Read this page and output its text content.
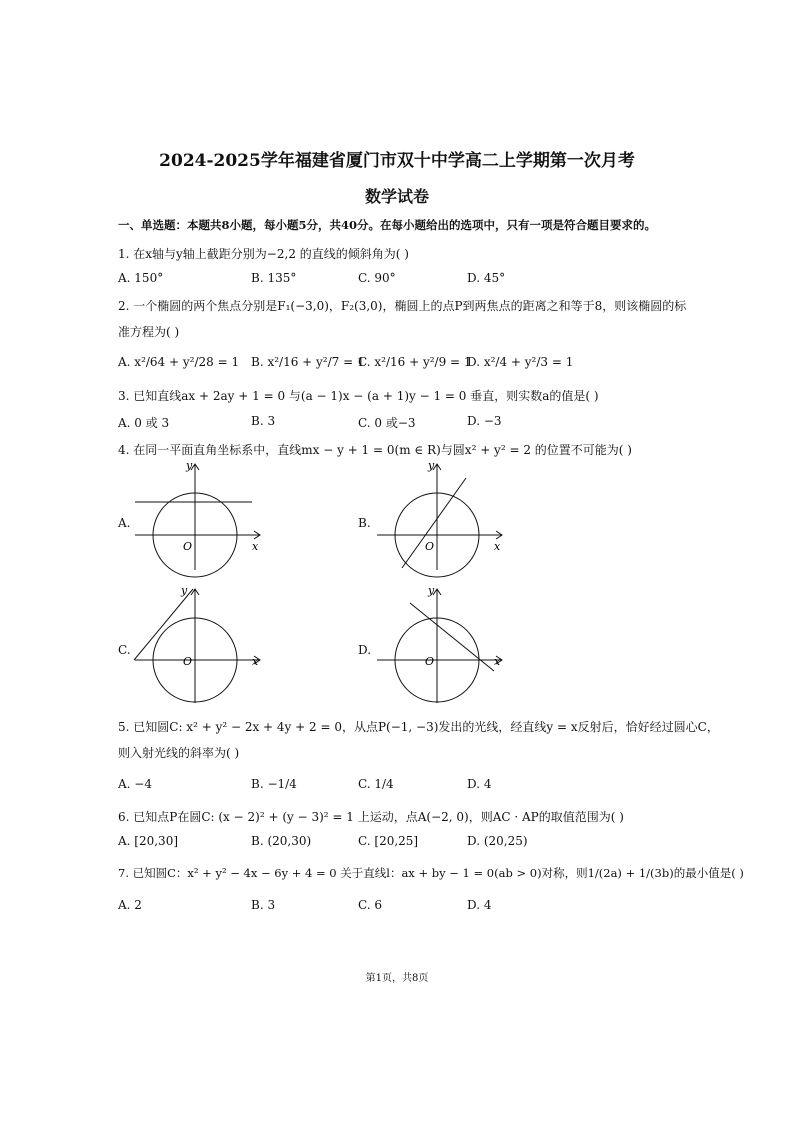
2024-2025学年福建省厦门市双十中学高二上学期第一次月考
数学试卷
一、单选题：本题共8小题，每小题5分，共40分。在每小题给出的选项中，只有一项是符合题目要求的。
1. 在x轴与y轴上截距分别为−2,2 的直线的倾斜角为( )
A. 150°	B. 135°	C. 90°	D. 45°
2. 一个椭圆的两个焦点分别是F₁(−3,0)，F₂(3,0)，椭圆上的点P到两焦点的距离之和等于8，则该椭圆的标
准方程为( )
A. x²/64 + y²/28 = 1 B. x²/16 + y²/7 = 1
C. x²/16 + y²/9 = 1
D. x²/4 + y²/3 = 1
3. 已知直线ax + 2ay + 1 = 0 与(a − 1)x − (a + 1)y − 1 = 0 垂直，则实数a的值是( )
A. 0 或 3	B. 3	C. 0 或−3	D. −3
4. 在同一平面直角坐标系中，直线mx − y + 1 = 0(m ∈ R)与圆x² + y² = 2 的位置不可能为( )
A.	B.
C.	D.
y
x
O
y
x
O
y
x
O
y
x
O
5. 已知圆C: x² + y² − 2x + 4y + 2 = 0，从点P(−1, −3)发出的光线，经直线y = x反射后，恰好经过圆心C，
则入射光线的斜率为( )
A. −4	B. −1/4	C. 1/4	D. 4
6. 已知点P在圆C: (x − 2)² + (y − 3)² = 1 上运动，点A(−2, 0)，则AC · AP的取值范围为( )
A. [20,30]	B. (20,30)	C. [20,25]	D. (20,25)
7. 已知圆C：x² + y² − 4x − 6y + 4 = 0 关于直线l：ax + by − 1 = 0(ab > 0)对称，则1/(2a) + 1/(3b)的最小值是( )
A. 2	B. 3	C. 6	D. 4
第1页，共8页
